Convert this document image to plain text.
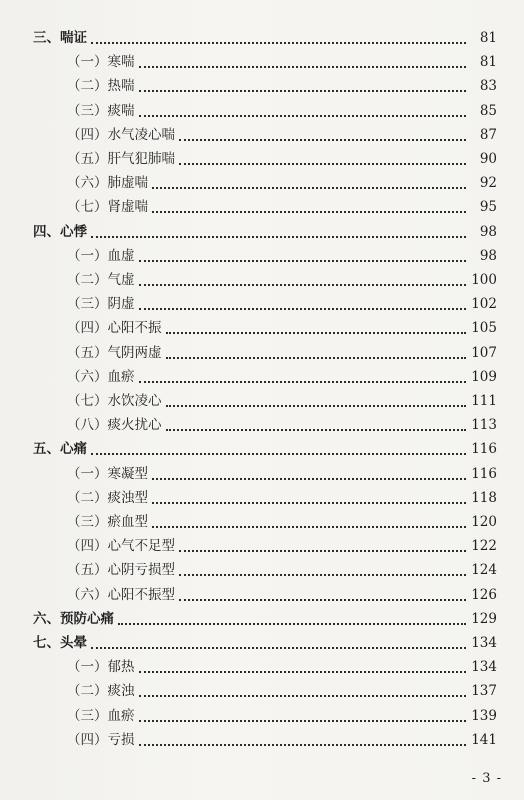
三、喘证	81
（一）寒喘	81
（二）热喘	83
（三）痰喘	85
（四）水气凌心喘	87
（五）肝气犯肺喘	90
（六）肺虚喘	92
（七）肾虚喘	95
四、心悸	98
（一）血虚	98
（二）气虚	100
（三）阴虚	102
（四）心阳不振	105
（五）气阴两虚	107
（六）血瘀	109
（七）水饮凌心	111
（八）痰火扰心	113
五、心痛	116
（一）寒凝型	116
（二）痰浊型	118
（三）瘀血型	120
（四）心气不足型	122
（五）心阴亏损型	124
（六）心阳不振型	126
六、预防心痛	129
七、头晕	134
（一）郁热	134
（二）痰浊	137
（三）血瘀	139
（四）亏损	141
- 3 -
